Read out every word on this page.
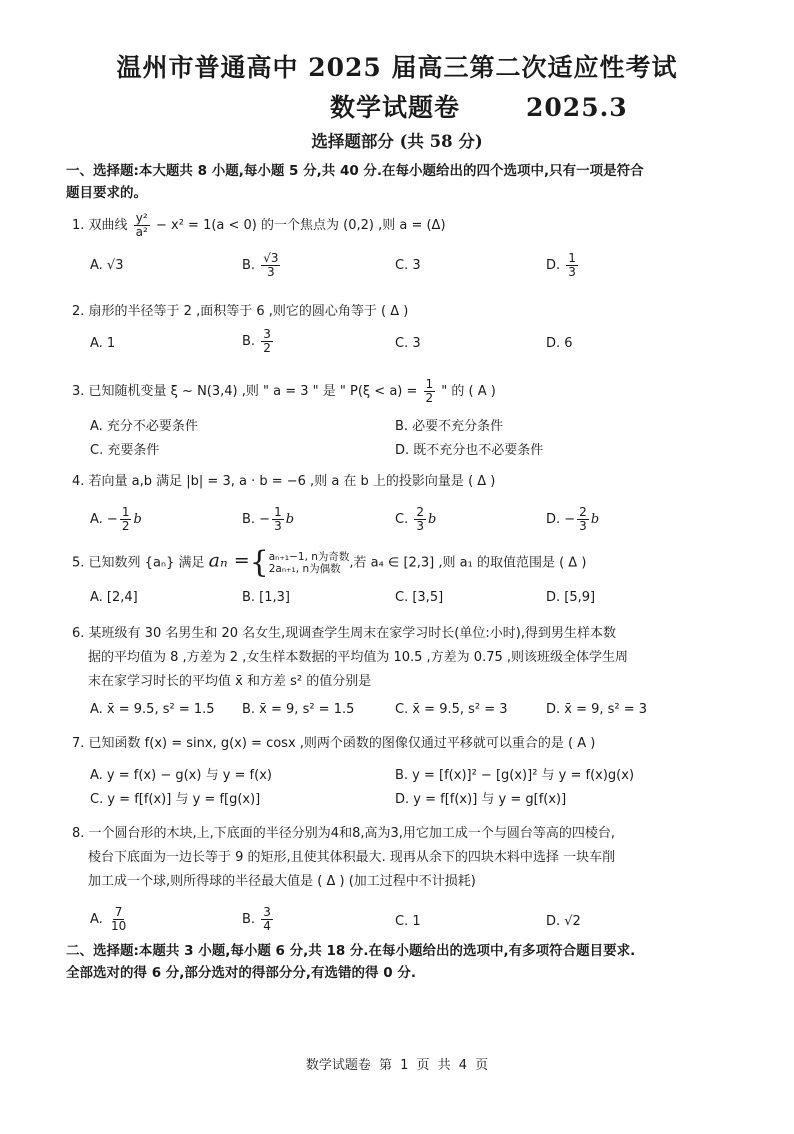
温州市普通高中 2025 届高三第二次适应性考试
数学试题卷	2025.3
选择题部分 (共 58 分)
一、选择题:本大题共 8 小题,每小题 5 分,共 40 分.在每小题给出的四个选项中,只有一项是符合
题目要求的。
1. 双曲线 $\frac{\text{y²}}{\text{a²}} - x^2 = 1(a < 0)$ 的一个焦点为 (0,2) ,则 a = (Δ)
A. √3	B. $\frac{√3}{3}$	C. 3	D. $\frac{1}{3}$
2. 扇形的半径等于 2 ,面积等于 6 ,则它的圆心角等于 ( Δ )
A. 1	B. $\frac{3}{2}$	C. 3	D. 6
3. 已知随机变量 ξ ~ N(3,4) ,则 " a = 3 " 是 " $P(\xi < a) = \frac{1}{2}$ " 的 ( A )
A. 充分不必要条件	B. 必要不充分条件
C. 充要条件	D. 既不充分也不必要条件
4. 若向量 a,b 满足 |b| = 3, a · b = −6 ,则 a 在 b 上的投影向量是 ( Δ )
A. − $\frac{1}{2}$ b	B. − $\frac{1}{3}$ b	C. $\frac{2}{3}$ b	D. − $\frac{2}{3}$ b
5. 已知数列 {aₙ} 满足 aₙ = { aₙ₊₁−1, n为奇数
2aₙ₊₁, n为偶数 ,若 a₄ ∈ [2,3] ,则 a₁ 的取值范围是 ( Δ )
A. [2,4]	B. [1,3]	C. [3,5]	D. [5,9]
6. 某班级有 30 名男生和 20 名女生,现调查学生周末在家学习时长(单位:小时),得到男生样本数
据的平均值为 8 ,方差为 2 ,女生样本数据的平均值为 10.5 ,方差为 0.75 ,则该班级全体学生周
末在家学习时长的平均值 x̄ 和方差 s² 的值分别是
A. x̄ = 9.5, s² = 1.5 B. x̄ = 9, s² = 1.5	C. x̄ = 9.5, s² = 3	D. x̄ = 9, s² = 3
7. 已知函数 f(x) = sinx, g(x) = cosx ,则两个函数的图像仅通过平移就可以重合的是 ( A )
A. y = f(x) − g(x) 与 y = f(x)	B. y = [f(x)]² − [g(x)]² 与 y = f(x)g(x)
C. y = f[f(x)] 与 y = f[g(x)]	D. y = f[f(x)] 与 y = g[f(x)]
8. 一个圆台形的木块,上,下底面的半径分别为4和8,高为3,用它加工成一个与圆台等高的四棱台,
棱台下底面为一边长等于 9 的矩形,且使其体积最大. 现再从余下的四块木料中选择 一块车削
加工成一个球,则所得球的半径最大值是 ( Δ ) (加工过程中不计损耗)
A. $\frac{7}{10}$	B. $\frac{3}{4}$	C. 1	D. √2
二、选择题:本题共 3 小题,每小题 6 分,共 18 分.在每小题给出的选项中,有多项符合题目要求.
全部选对的得 6 分,部分选对的得部分分,有选错的得 0 分.
数学试题卷 第 1 页 共 4 页
